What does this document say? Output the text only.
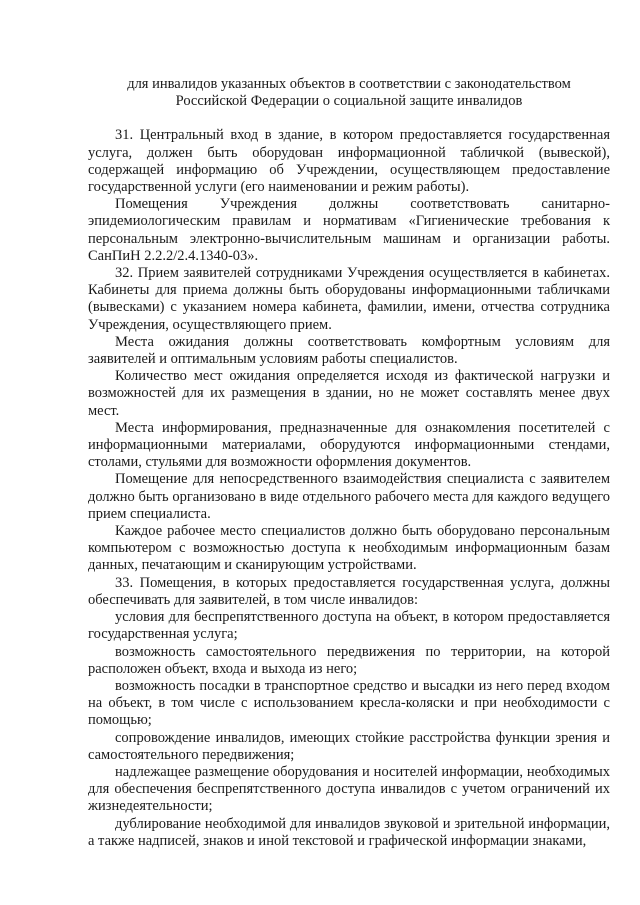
для инвалидов указанных объектов в соответствии с законодательством
Российской Федерации о социальной защите инвалидов

31. Центральный вход в здание, в котором предоставляется государственная услуга, должен быть оборудован информационной табличкой (вывеской), содержащей информацию об Учреждении, осуществляющем предоставление государственной услуги (его наименовании и режим работы).

Помещения Учреждения должны соответствовать санитарно-эпидемиологическим правилам и нормативам «Гигиенические требования к персональным электронно-вычислительным машинам и организации работы. СанПиН 2.2.2/2.4.1340-03».

32. Прием заявителей сотрудниками Учреждения осуществляется в кабинетах. Кабинеты для приема должны быть оборудованы информационными табличками (вывесками) с указанием номера кабинета, фамилии, имени, отчества сотрудника Учреждения, осуществляющего прием.

Места ожидания должны соответствовать комфортным условиям для заявителей и оптимальным условиям работы специалистов.

Количество мест ожидания определяется исходя из фактической нагрузки и возможностей для их размещения в здании, но не может составлять менее двух мест.

Места информирования, предназначенные для ознакомления посетителей с информационными материалами, оборудуются информационными стендами, столами, стульями для возможности оформления документов.

Помещение для непосредственного взаимодействия специалиста с заявителем должно быть организовано в виде отдельного рабочего места для каждого ведущего прием специалиста.

Каждое рабочее место специалистов должно быть оборудовано персональным компьютером с возможностью доступа к необходимым информационным базам данных, печатающим и сканирующим устройствами.

33. Помещения, в которых предоставляется государственная услуга, должны обеспечивать для заявителей, в том числе инвалидов:

условия для беспрепятственного доступа на объект, в котором предоставляется государственная услуга;

возможность самостоятельного передвижения по территории, на которой расположен объект, входа и выхода из него;

возможность посадки в транспортное средство и высадки из него перед входом на объект, в том числе с использованием кресла-коляски и при необходимости с помощью;

сопровождение инвалидов, имеющих стойкие расстройства функции зрения и самостоятельного передвижения;

надлежащее размещение оборудования и носителей информации, необходимых для обеспечения беспрепятственного доступа инвалидов с учетом ограничений их жизнедеятельности;

дублирование необходимой для инвалидов звуковой и зрительной информации, а также надписей, знаков и иной текстовой и графической информации знаками,
